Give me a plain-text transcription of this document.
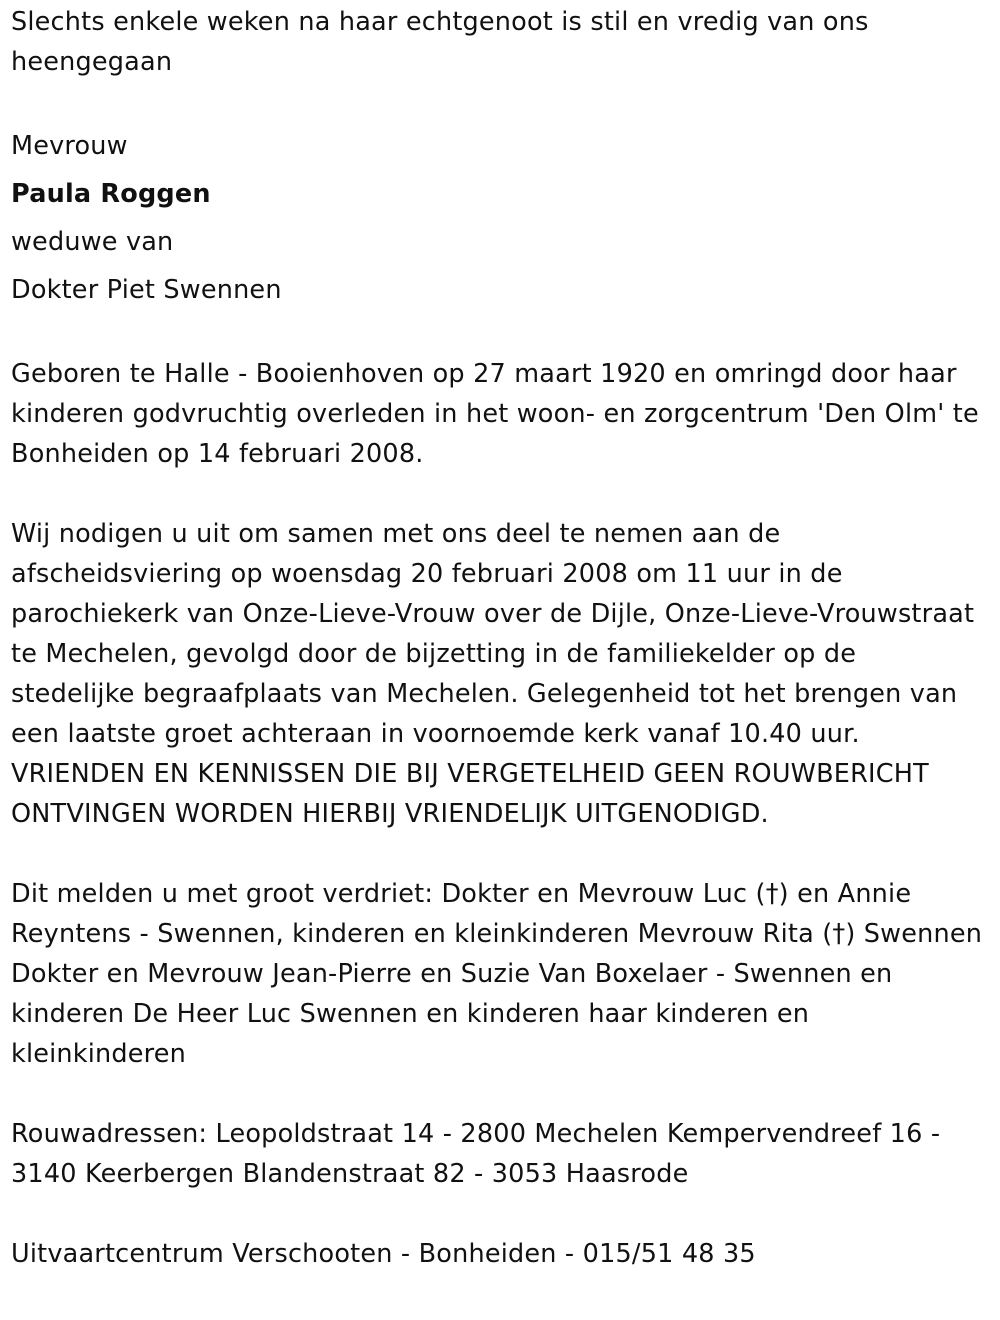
Slechts enkele weken na haar echtgenoot is stil en vredig van ons heengegaan

Mevrouw

Paula Roggen

weduwe van

Dokter Piet Swennen

Geboren te Halle - Booienhoven op 27 maart 1920 en omringd door haar kinderen godvruchtig overleden in het woon- en zorgcentrum 'Den Olm' te Bonheiden op 14 februari 2008.

Wij nodigen u uit om samen met ons deel te nemen aan de afscheidsviering op woensdag 20 februari 2008 om 11 uur in de parochiekerk van Onze-Lieve-Vrouw over de Dijle, Onze-Lieve-Vrouwstraat te Mechelen, gevolgd door de bijzetting in de familiekelder op de stedelijke begraafplaats van Mechelen. Gelegenheid tot het brengen van een laatste groet achteraan in voornoemde kerk vanaf 10.40 uur. VRIENDEN EN KENNISSEN DIE BIJ VERGETELHEID GEEN ROUWBERICHT ONTVINGEN WORDEN HIERBIJ VRIENDELIJK UITGENODIGD.

Dit melden u met groot verdriet: Dokter en Mevrouw Luc (†) en Annie Reyntens - Swennen, kinderen en kleinkinderen Mevrouw Rita (†) Swennen Dokter en Mevrouw Jean-Pierre en Suzie Van Boxelaer - Swennen en kinderen De Heer Luc Swennen en kinderen haar kinderen en kleinkinderen

Rouwadressen: Leopoldstraat 14 - 2800 Mechelen Kempervendreef 16 - 3140 Keerbergen Blandenstraat 82 - 3053 Haasrode

Uitvaartcentrum Verschooten - Bonheiden - 015/51 48 35
